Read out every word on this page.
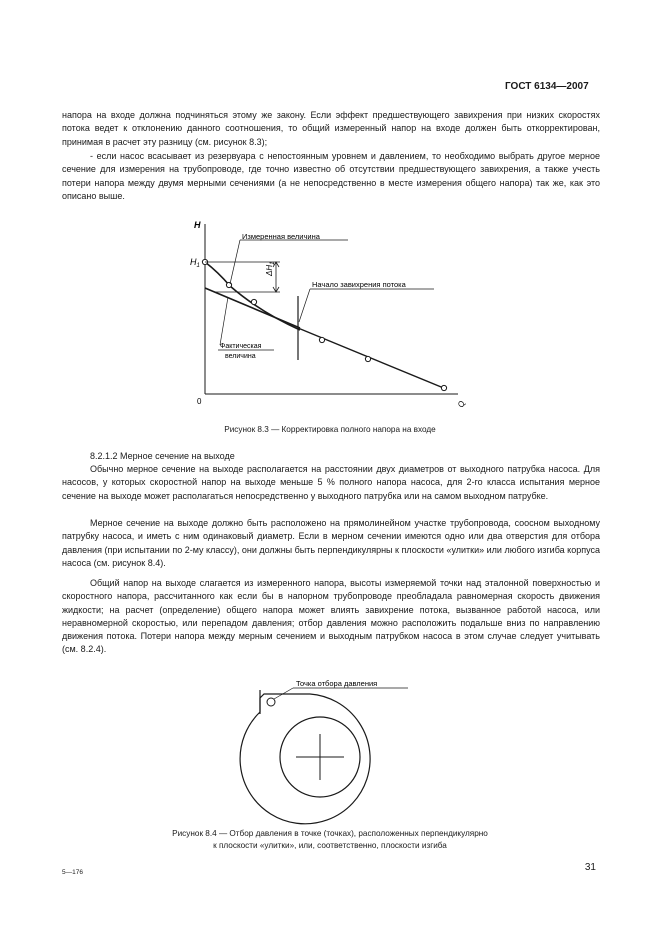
ГОСТ 6134—2007

напора на входе должна подчиняться этому же закону. Если эффект предшествующего завихрения при низких скоростях потока ведет к отклонению данного соотношения, то общий измеренный напор на входе должен быть откорректирован, принимая в расчет эту разницу (см. рисунок 8.3);

- если насос всасывает из резервуара с непостоянным уровнем и давлением, то необходимо выбрать другое мерное сечение для измерения на трубопроводе, где точно известно об отсутствии предшествующего завихрения, а также учесть потери напора между двумя мерными сечениями (а не непосредственно в месте измерения общего напора) так же, как это описано выше.

H
$H_1$
0	Q
$\Delta H_1$
Измеренная величина
Начало завихрения потока
Фактическая
величина
Рисунок 8.3 — Корректировка полного напора на входе

8.2.1.2 Мерное сечение на выходе

Обычно мерное сечение на выходе располагается на расстоянии двух диаметров от выходного патрубка насоса. Для насосов, у которых скоростной напор на выходе меньше 5 % полного напора насоса, для 2-го класса испытания мерное сечение на выходе может располагаться непосредственно у выходного патрубка или на самом выходном патрубке.

Мерное сечение на выходе должно быть расположено на прямолинейном участке трубопровода, соосном выходному патрубку насоса, и иметь с ним одинаковый диаметр. Если в мерном сечении имеются одно или два отверстия для отбора давления (при испытании по 2-му классу), они должны быть перпендикулярны к плоскости «улитки» или любого изгиба корпуса насоса (см. рисунок 8.4).

Общий напор на выходе слагается из измеренного напора, высоты измеряемой точки над эталонной поверхностью и скоростного напора, рассчитанного как если бы в напорном трубопроводе преобладала равномерная скорость движения жидкости; на расчет (определение) общего напора может влиять завихрение потока, вызванное работой насоса, или неравномерной скоростью, или перепадом давления; отбор давления можно расположить подальше вниз по направлению движения потока. Потери напора между мерным сечением и выходным патрубком насоса в этом случае следует учитывать (см. 8.2.4).

Точка отбора давления
Рисунок 8.4 — Отбор давления в точке (точках), расположенных перпендикулярно
к плоскости «улитки», или, соответственно, плоскости изгиба
5—176	31
